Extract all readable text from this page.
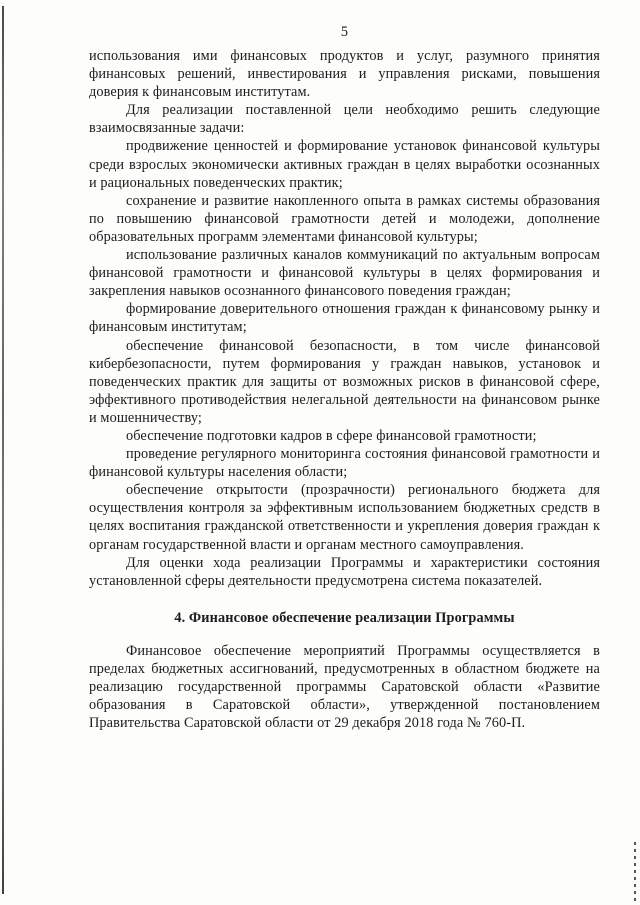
5

использования ими финансовых продуктов и услуг, разумного принятия финансовых решений, инвестирования и управления рисками, повышения доверия к финансовым институтам.

Для реализации поставленной цели необходимо решить следующие взаимосвязанные задачи:

продвижение ценностей и формирование установок финансовой культуры среди взрослых экономически активных граждан в целях выработки осознанных и рациональных поведенческих практик;

сохранение и развитие накопленного опыта в рамках системы образования по повышению финансовой грамотности детей и молодежи, дополнение образовательных программ элементами финансовой культуры;

использование различных каналов коммуникаций по актуальным вопросам финансовой грамотности и финансовой культуры в целях формирования и закрепления навыков осознанного финансового поведения граждан;

формирование доверительного отношения граждан к финансовому рынку и финансовым институтам;

обеспечение финансовой безопасности, в том числе финансовой кибербезопасности, путем формирования у граждан навыков, установок и поведенческих практик для защиты от возможных рисков в финансовой сфере, эффективного противодействия нелегальной деятельности на финансовом рынке и мошенничеству;

обеспечение подготовки кадров в сфере финансовой грамотности;

проведение регулярного мониторинга состояния финансовой грамотности и финансовой культуры населения области;

обеспечение открытости (прозрачности) регионального бюджета для осуществления контроля за эффективным использованием бюджетных средств в целях воспитания гражданской ответственности и укрепления доверия граждан к органам государственной власти и органам местного самоуправления.

Для оценки хода реализации Программы и характеристики состояния установленной сферы деятельности предусмотрена система показателей.

4. Финансовое обеспечение реализации Программы

Финансовое обеспечение мероприятий Программы осуществляется в пределах бюджетных ассигнований, предусмотренных в областном бюджете на реализацию государственной программы Саратовской области «Развитие образования в Саратовской области», утвержденной постановлением Правительства Саратовской области от 29 декабря 2018 года № 760-П.
